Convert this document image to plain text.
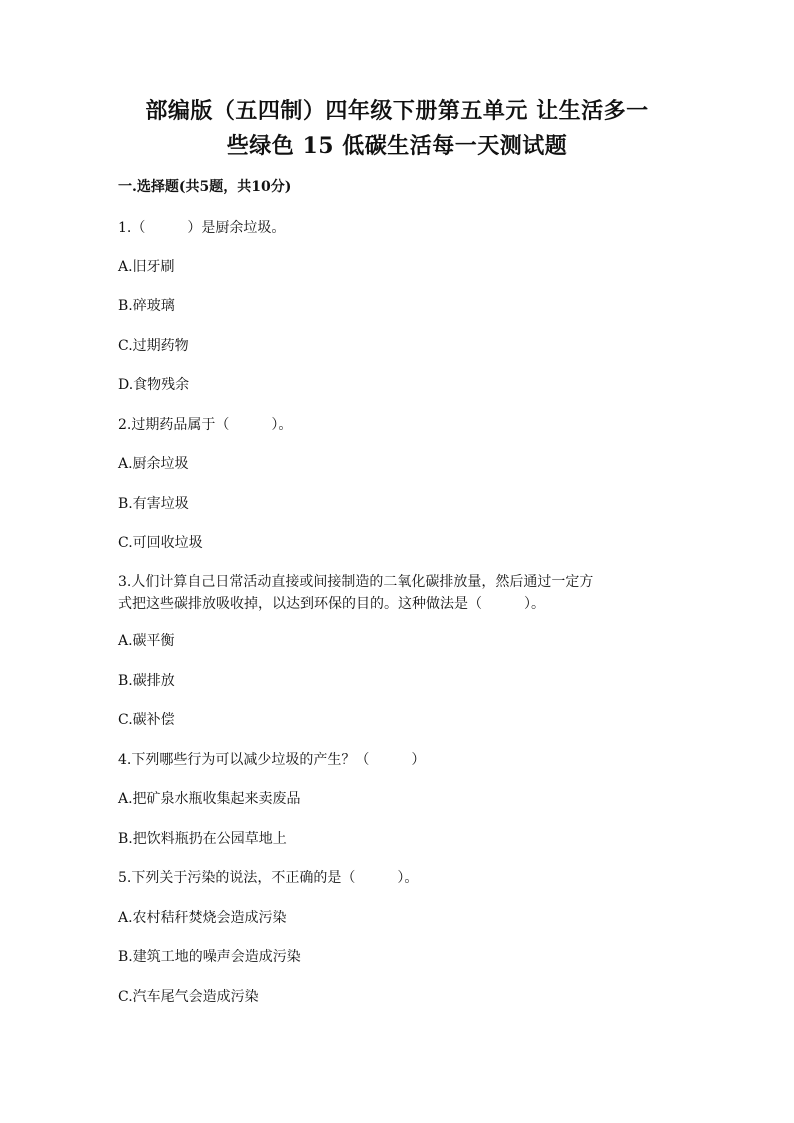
部编版（五四制）四年级下册第五单元 让生活多一
些绿色 15 低碳生活每一天测试题
一.选择题(共5题，共10分)
1.（　　　）是厨余垃圾。
A.旧牙刷
B.碎玻璃
C.过期药物
D.食物残余
2.过期药品属于（　　　）。
A.厨余垃圾
B.有害垃圾
C.可回收垃圾
3.人们计算自己日常活动直接或间接制造的二氧化碳排放量，然后通过一定方
式把这些碳排放吸收掉，以达到环保的目的。这种做法是（　　　）。
A.碳平衡
B.碳排放
C.碳补偿
4.下列哪些行为可以减少垃圾的产生？（　　　）
A.把矿泉水瓶收集起来卖废品
B.把饮料瓶扔在公园草地上
5.下列关于污染的说法，不正确的是（　　　）。
A.农村秸秆焚烧会造成污染
B.建筑工地的噪声会造成污染
C.汽车尾气会造成污染
